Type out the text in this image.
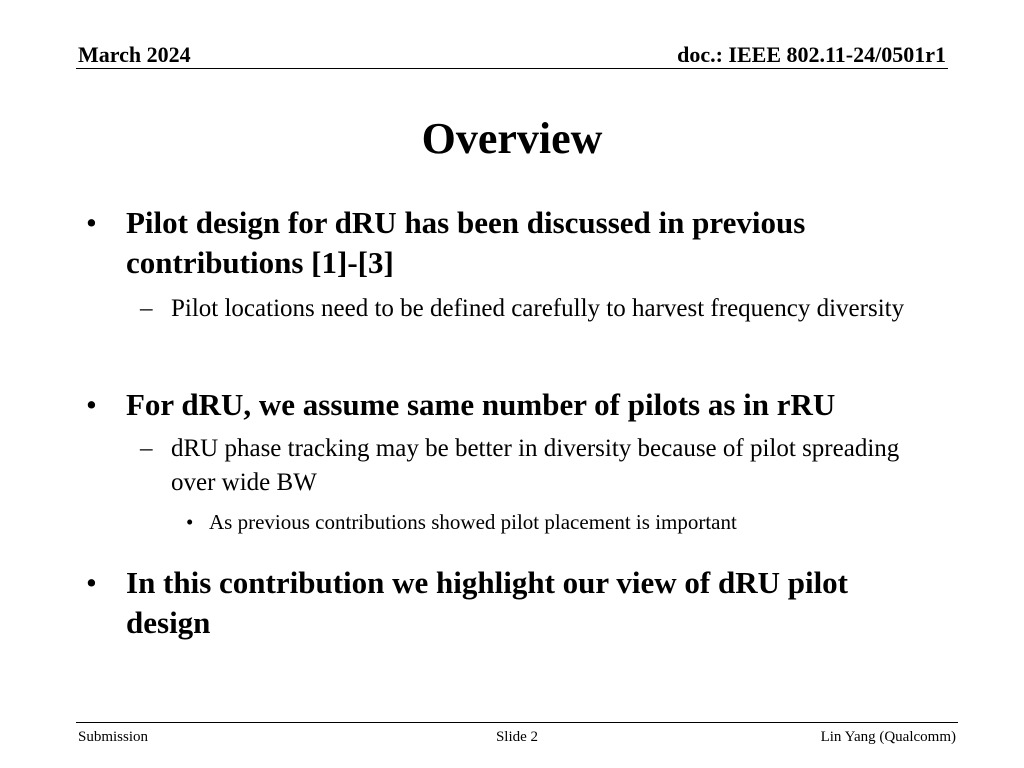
March 2024	doc.: IEEE 802.11-24/0501r1
Overview
• Pilot design for dRU has been discussed in previous contributions [1]-[3]
– Pilot locations need to be defined carefully to harvest frequency diversity
• For dRU, we assume same number of pilots as in rRU
– dRU phase tracking may be better in diversity because of pilot spreading over wide BW
• As previous contributions showed pilot placement is important
• In this contribution we highlight our view of dRU pilot design
Submission	Slide 2	Lin Yang (Qualcomm)
